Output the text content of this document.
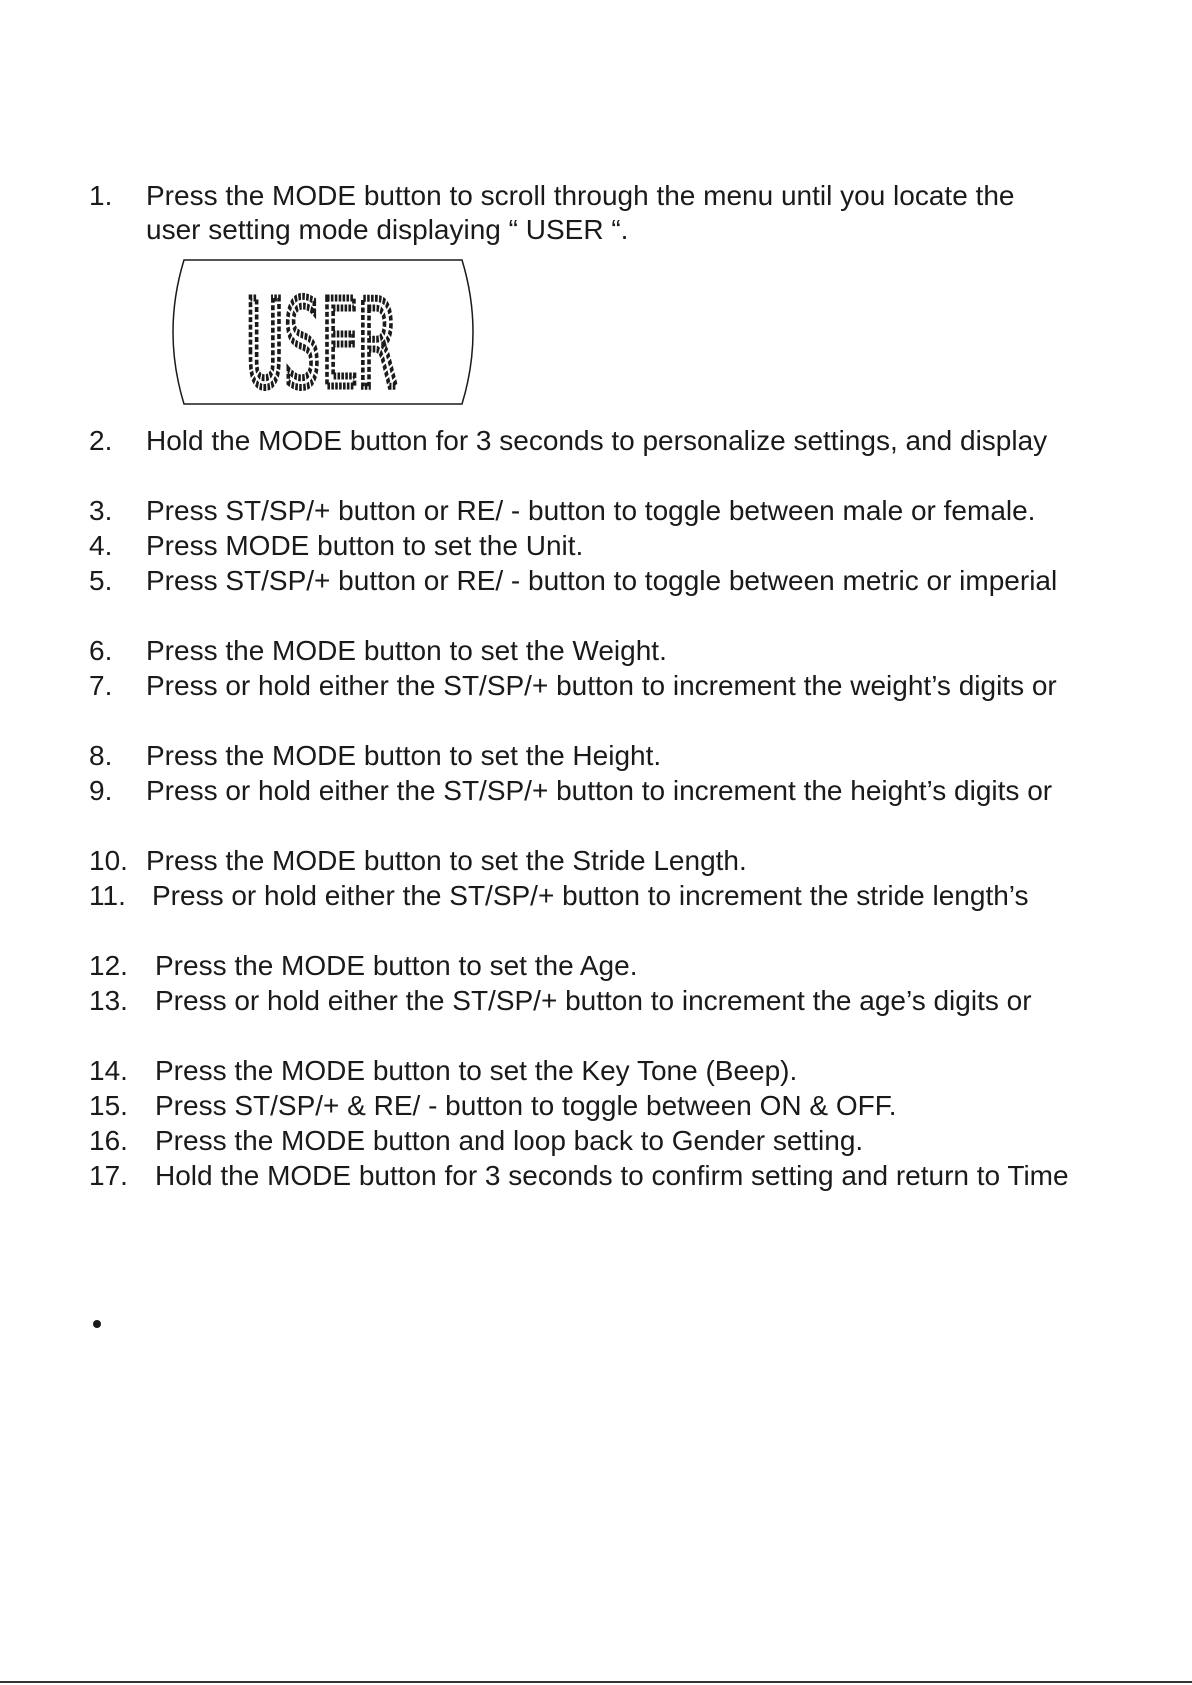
1. Press the MODE button to scroll through the menu until you locate the
user setting mode displaying “ USER “.
USER
2. Hold the MODE button for 3 seconds to personalize settings, and display
3. Press ST/SP/+ button or RE/ - button to toggle between male or female.
4. Press MODE button to set the Unit.
5. Press ST/SP/+ button or RE/ - button to toggle between metric or imperial
6. Press the MODE button to set the Weight.
7. Press or hold either the ST/SP/+ button to increment the weight’s digits or
8. Press the MODE button to set the Height.
9. Press or hold either the ST/SP/+ button to increment the height’s digits or
10. Press the MODE button to set the Stride Length.
11. Press or hold either the ST/SP/+ button to increment the stride length’s
12. Press the MODE button to set the Age.
13. Press or hold either the ST/SP/+ button to increment the age’s digits or
14. Press the MODE button to set the Key Tone (Beep).
15. Press ST/SP/+ & RE/ - button to toggle between ON & OFF.
16. Press the MODE button and loop back to Gender setting.
17. Hold the MODE button for 3 seconds to confirm setting and return to Time
